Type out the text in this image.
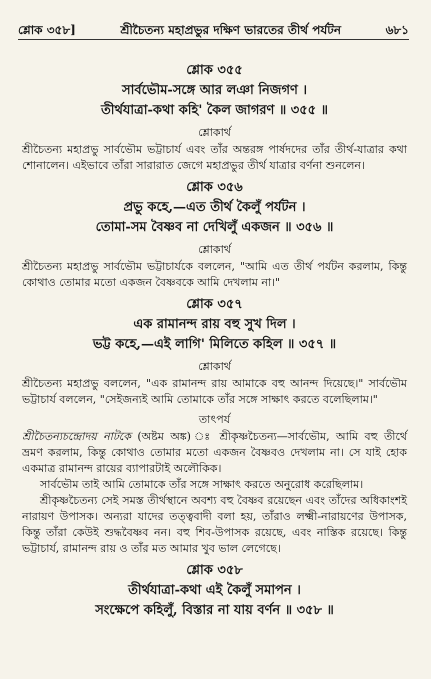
শ্লোক ৩৫৮]	শ্রীচৈতন্য মহাপ্রভুর দক্ষিণ ভারতের তীর্থ পর্যটন	৬৮১
শ্লোক ৩৫৫
সার্বভৌম-সঙ্গে আর লঞা নিজগণ ।
তীর্থযাত্রা-কথা কহি' কৈল জাগরণ ॥ ৩৫৫ ॥
শ্লোকার্থ
শ্রীচৈতন্য মহাপ্রভু সার্বভৌম ভট্টাচার্য এবং তাঁর অন্তরঙ্গ পার্ষদদের তাঁর তীর্থ-যাত্রার কথা শোনালেন। এইভাবে তাঁরা সারারাত জেগে মহাপ্রভুর তীর্থ যাত্রার বর্ণনা শুনলেন।
শ্লোক ৩৫৬
প্রভু কহে,—এত তীর্থ কৈলুঁ পর্যটন ।
তোমা-সম বৈষ্ণব না দেখিলুঁ একজন ॥ ৩৫৬ ॥
শ্লোকার্থ
শ্রীচৈতন্য মহাপ্রভু সার্বভৌম ভট্টাচার্যকে বললেন, "আমি এত তীর্থ পর্যটন করলাম, কিন্তু কোথাও তোমার মতো একজন বৈষ্ণবকে আমি দেখলাম না।"
শ্লোক ৩৫৭
এক রামানন্দ রায় বহু সুখ দিল ।
ভট্ট কহে,—এই লাগি' মিলিতে কহিল ॥ ৩৫৭ ॥
শ্লোকার্থ
শ্রীচৈতন্য মহাপ্রভু বললেন, "এক রামানন্দ রায় আমাকে বহু আনন্দ দিয়েছে।" সার্বভৌম ভট্টাচার্য বললেন, "সেইজন্যই আমি তোমাকে তাঁর সঙ্গে সাক্ষাৎ করতে বলেছিলাম।"
তাৎপর্য
শ্রীচৈতন্যচন্দ্রোদয় নাটকে (অষ্টম অঙ্ক) ঃ শ্রীকৃষ্ণচৈতন্য—সার্বভৌম, আমি বহু তীর্থে ভ্রমণ করলাম, কিন্তু কোথাও তোমার মতো একজন বৈষ্ণবও দেখলাম না। সে যাই হোক একমাত্র রামানন্দ রায়ের ব্যাপারটাই অলৌকিক।
সার্বভৌম তাই আমি তোমাকে তাঁর সঙ্গে সাক্ষাৎ করতে অনুরোধ করেছিলাম।
শ্রীকৃষ্ণচৈতন্য সেই সমস্ত তীর্থস্থানে অবশ্য বহু বৈষ্ণব রয়েছেন এবং তাঁদের অধিকাংশই নারায়ণ উপাসক। অন্যরা যাদের তত্ত্ববাদী বলা হয়, তাঁরাও লক্ষ্মী-নারায়ণের উপাসক, কিন্তু তাঁরা কেউই শুদ্ধবৈষ্ণব নন। বহু শিব-উপাসক রয়েছে, এবং নাস্তিক রয়েছে। কিন্তু ভট্টাচার্য, রামানন্দ রায় ও তাঁর মত আমার খুব ভাল লেগেছে।
শ্লোক ৩৫৮
তীর্থযাত্রা-কথা এই কৈলুঁ সমাপন ।
সংক্ষেপে কহিলুঁ, বিস্তার না যায় বর্ণন ॥ ৩৫৮ ॥
